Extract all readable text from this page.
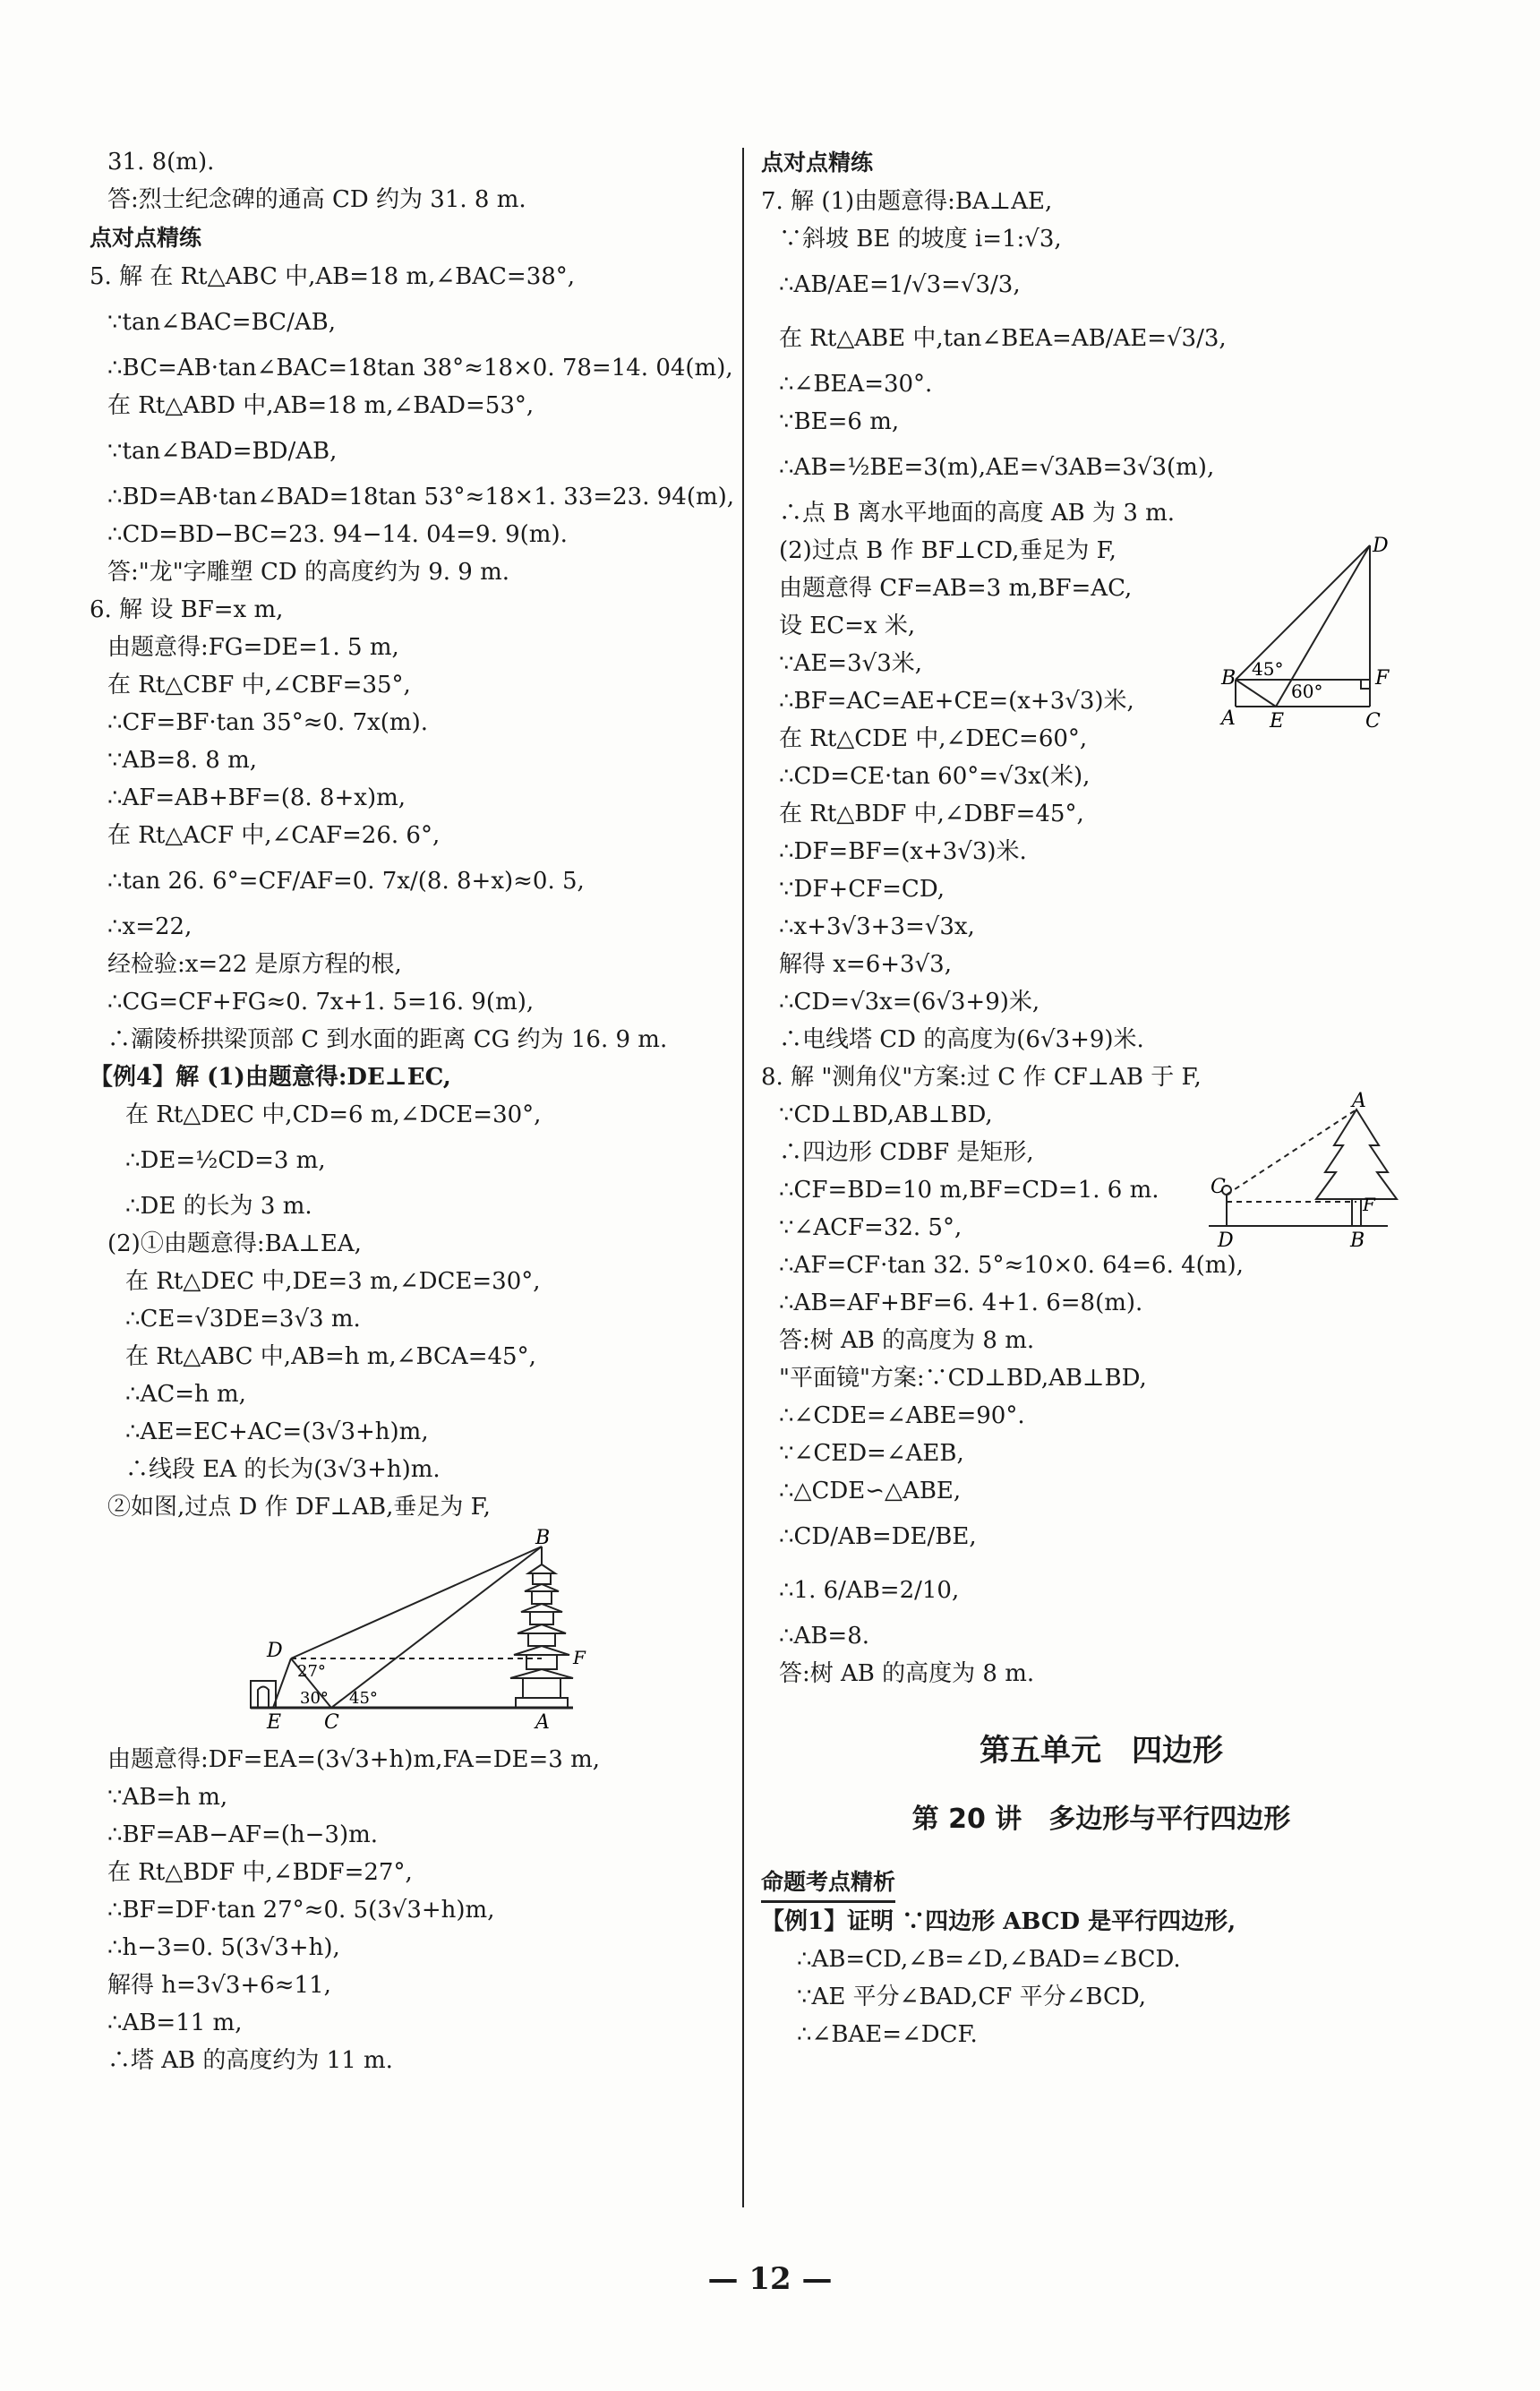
31. 8(m).
答:烈士纪念碑的通高 CD 约为 31. 8 m.
点对点精练
5. 解 在 Rt△ABC 中,AB=18 m,∠BAC=38°,
∵tan∠BAC=BC/AB,
∴BC=AB·tan∠BAC=18tan 38°≈18×0. 78=14. 04(m),
在 Rt△ABD 中,AB=18 m,∠BAD=53°,
∵tan∠BAD=BD/AB,
∴BD=AB·tan∠BAD=18tan 53°≈18×1. 33=23. 94(m),
∴CD=BD−BC=23. 94−14. 04=9. 9(m).
答:"龙"字雕塑 CD 的高度约为 9. 9 m.
6. 解 设 BF=x m,
由题意得:FG=DE=1. 5 m,
在 Rt△CBF 中,∠CBF=35°,
∴CF=BF·tan 35°≈0. 7x(m).
∵AB=8. 8 m,
∴AF=AB+BF=(8. 8+x)m,
在 Rt△ACF 中,∠CAF=26. 6°,
∴tan 26. 6°=CF/AF=0. 7x/(8. 8+x)≈0. 5,
∴x=22,
经检验:x=22 是原方程的根,
∴CG=CF+FG≈0. 7x+1. 5=16. 9(m),
∴灞陵桥拱梁顶部 C 到水面的距离 CG 约为 16. 9 m.
【例4】解 (1)由题意得:DE⊥EC,
在 Rt△DEC 中,CD=6 m,∠DCE=30°,
∴DE=½CD=3 m,
∴DE 的长为 3 m.
(2)①由题意得:BA⊥EA,
在 Rt△DEC 中,DE=3 m,∠DCE=30°,
∴CE=√3DE=3√3 m.
在 Rt△ABC 中,AB=h m,∠BCA=45°,
∴AC=h m,
∴AE=EC+AC=(3√3+h)m,
∴线段 EA 的长为(3√3+h)m.
②如图,过点 D 作 DF⊥AB,垂足为 F,
B
D	F
E C	A
27°
30° 45°
由题意得:DF=EA=(3√3+h)m,FA=DE=3 m,
∵AB=h m,
∴BF=AB−AF=(h−3)m.
在 Rt△BDF 中,∠BDF=27°,
∴BF=DF·tan 27°≈0. 5(3√3+h)m,
∴h−3=0. 5(3√3+h),
解得 h=3√3+6≈11,
∴AB=11 m,
∴塔 AB 的高度约为 11 m.
点对点精练
7. 解 (1)由题意得:BA⊥AE,
∵斜坡 BE 的坡度 i=1:√3,
∴AB/AE=1/√3=√3/3,
在 Rt△ABE 中,tan∠BEA=AB/AE=√3/3,
∴∠BEA=30°.
∵BE=6 m,
∴AB=½BE=3(m),AE=√3AB=3√3(m),
∴点 B 离水平地面的高度 AB 为 3 m.
D
B	F
A E	C
45°
60°
(2)过点 B 作 BF⊥CD,垂足为 F,
由题意得 CF=AB=3 m,BF=AC,
设 EC=x 米,
∵AE=3√3米,
∴BF=AC=AE+CE=(x+3√3)米,
在 Rt△CDE 中,∠DEC=60°,
∴CD=CE·tan 60°=√3x(米),
在 Rt△BDF 中,∠DBF=45°,
∴DF=BF=(x+3√3)米.
∵DF+CF=CD,
∴x+3√3+3=√3x,
解得 x=6+3√3,
∴CD=√3x=(6√3+9)米,
∴电线塔 CD 的高度为(6√3+9)米.
8. 解 "测角仪"方案:过 C 作 CF⊥AB 于 F,
A
C
F
D	B
∵CD⊥BD,AB⊥BD,
∴四边形 CDBF 是矩形,
∴CF=BD=10 m,BF=CD=1. 6 m.
∵∠ACF=32. 5°,
∴AF=CF·tan 32. 5°≈10×0. 64=6. 4(m),
∴AB=AF+BF=6. 4+1. 6=8(m).
答:树 AB 的高度为 8 m.
"平面镜"方案:∵CD⊥BD,AB⊥BD,
∴∠CDE=∠ABE=90°.
∵∠CED=∠AEB,
∴△CDE∽△ABE,
∴CD/AB=DE/BE,
∴1. 6/AB=2/10,
∴AB=8.
答:树 AB 的高度为 8 m.
第五单元　四边形
第 20 讲　多边形与平行四边形
命题考点精析
【例1】证明 ∵四边形 ABCD 是平行四边形,
∴AB=CD,∠B=∠D,∠BAD=∠BCD.
∵AE 平分∠BAD,CF 平分∠BCD,
∴∠BAE=∠DCF.
— 12 —
